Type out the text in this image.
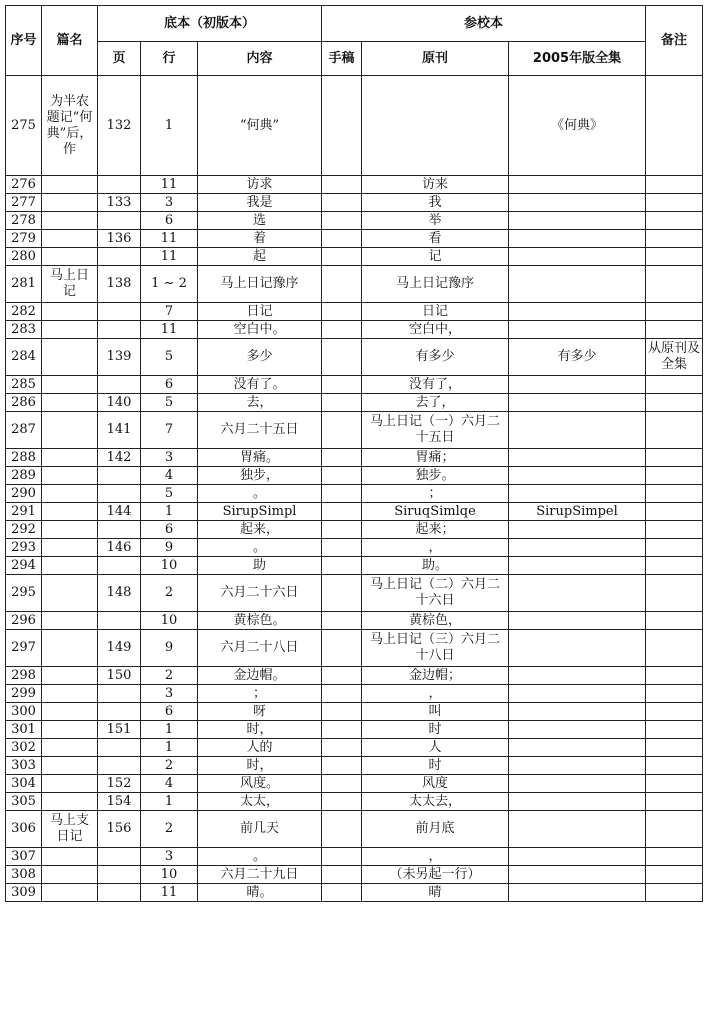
序号	篇名	底本（初版本）			参校本			备注
		页	行	内容	手稿	原刊	2005年版全集	
275	为半农题记“何典”后，作	132	1	“何典”			《何典》	
276			11	访求		访来		
277		133	3	我是		我		
278			6	选		举		
279		136	11	着		看		
280			11	起		记		
281	马上日记	138	1 ~ 2	马上日记豫序		马上日记豫序		
282			7	日记		日记		
283			11	空白中。		空白中，		
284		139	5	多少		有多少	有多少	从原刊及全集
285			6	没有了。		没有了，		
286		140	5	去，		去了，		
287		141	7	六月二十五日		马上日记（一）六月二十五日		
288		142	3	胃痛。		胃痛；		
289			4	独步，		独步。		
290			5	。		；		
291		144	1	SirupSimpl		SiruqSimlqe	SirupSimpel	
292			6	起来，		起来；		
293		146	9	。		，		
294			10	助		助。		
295		148	2	六月二十六日		马上日记（二）六月二十六日		
296			10	黄棕色。		黄棕色，		
297		149	9	六月二十八日		马上日记（三）六月二十八日		
298		150	2	金边帽。		金边帽；		
299			3	；		，		
300			6	呀		叫		
301		151	1	时，		时		
302			1	人的		人		
303			2	时，		时		
304		152	4	风度。		风度		
305		154	1	太太，		太太去，		
306	马上支日记	156	2	前几天		前月底		
307			3	。		，		
308			10	六月二十九日		（未另起一行）		
309			11	晴。		晴		
